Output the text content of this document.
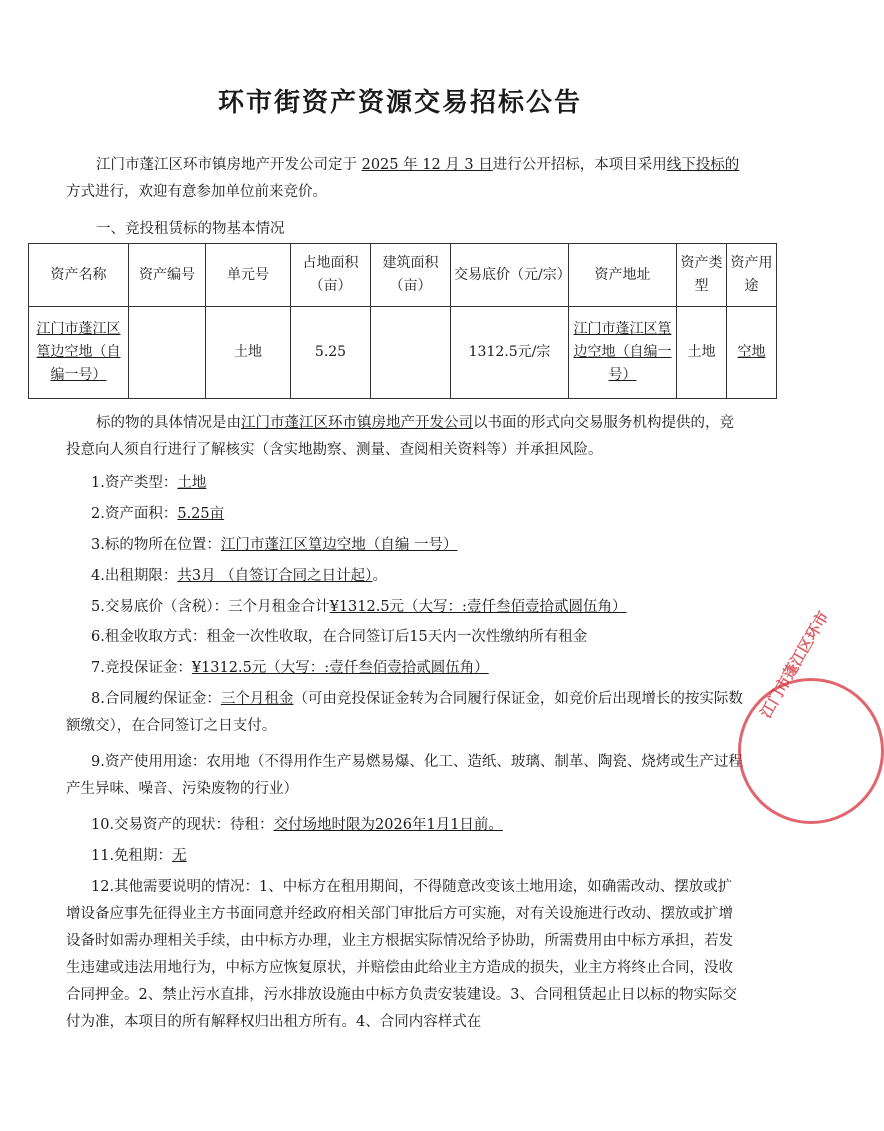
环市街资产资源交易招标公告

江门市蓬江区环市镇房地产开发公司定于 2025 年 12 月 3 日进行公开招标，本项目采用线下投标的方式进行，欢迎有意参加单位前来竞价。

一、竞投租赁标的物基本情况

资产名称	资产编号	单元号	占地面积（亩）	建筑面积（亩）	交易底价（元/宗）	资产地址	资产类型	资产用途
江门市蓬江区篁边空地（自编一号）		土地	5.25		1312.5元/宗	江门市蓬江区篁边空地（自编一号）	土地	空地

标的物的具体情况是由江门市蓬江区环市镇房地产开发公司以书面的形式向交易服务机构提供的，竞投意向人须自行进行了解核实（含实地勘察、测量、查阅相关资料等）并承担风险。

1.资产类型：土地
2.资产面积：5.25亩
3.标的物所在位置：江门市蓬江区篁边空地（自编 一号）
4.出租期限：共3月 （自签订合同之日计起）。
5.交易底价（含税）：三个月租金合计¥1312.5元（大写：:壹仟叁佰壹拾贰圆伍角）
6.租金收取方式：租金一次性收取，在合同签订后15天内一次性缴纳所有租金
7.竞投保证金：¥1312.5元（大写：:壹仟叁佰壹拾贰圆伍角）

8.合同履约保证金：三个月租金（可由竞投保证金转为合同履行保证金，如竞价后出现增长的按实际数额缴交），在合同签订之日支付。

9.资产使用用途：农用地（不得用作生产易燃易爆、化工、造纸、玻璃、制革、陶瓷、烧烤或生产过程产生异味、噪音、污染废物的行业）

10.交易资产的现状：待租：交付场地时限为2026年1月1日前。
11.免租期：无

12.其他需要说明的情况：1、中标方在租用期间，不得随意改变该土地用途，如确需改动、摆放或扩增设备应事先征得业主方书面同意并经政府相关部门审批后方可实施，对有关设施进行改动、摆放或扩增设备时如需办理相关手续，由中标方办理，业主方根据实际情况给予协助，所需费用由中标方承担，若发生违建或违法用地行为，中标方应恢复原状，并赔偿由此给业主方造成的损失，业主方将终止合同，没收合同押金。2、禁止污水直排，污水排放设施由中标方负责安装建设。3、合同租赁起止日以标的物实际交付为准，本项目的所有解释权归出租方所有。4、合同内容样式在

江门市蓬江区环市
